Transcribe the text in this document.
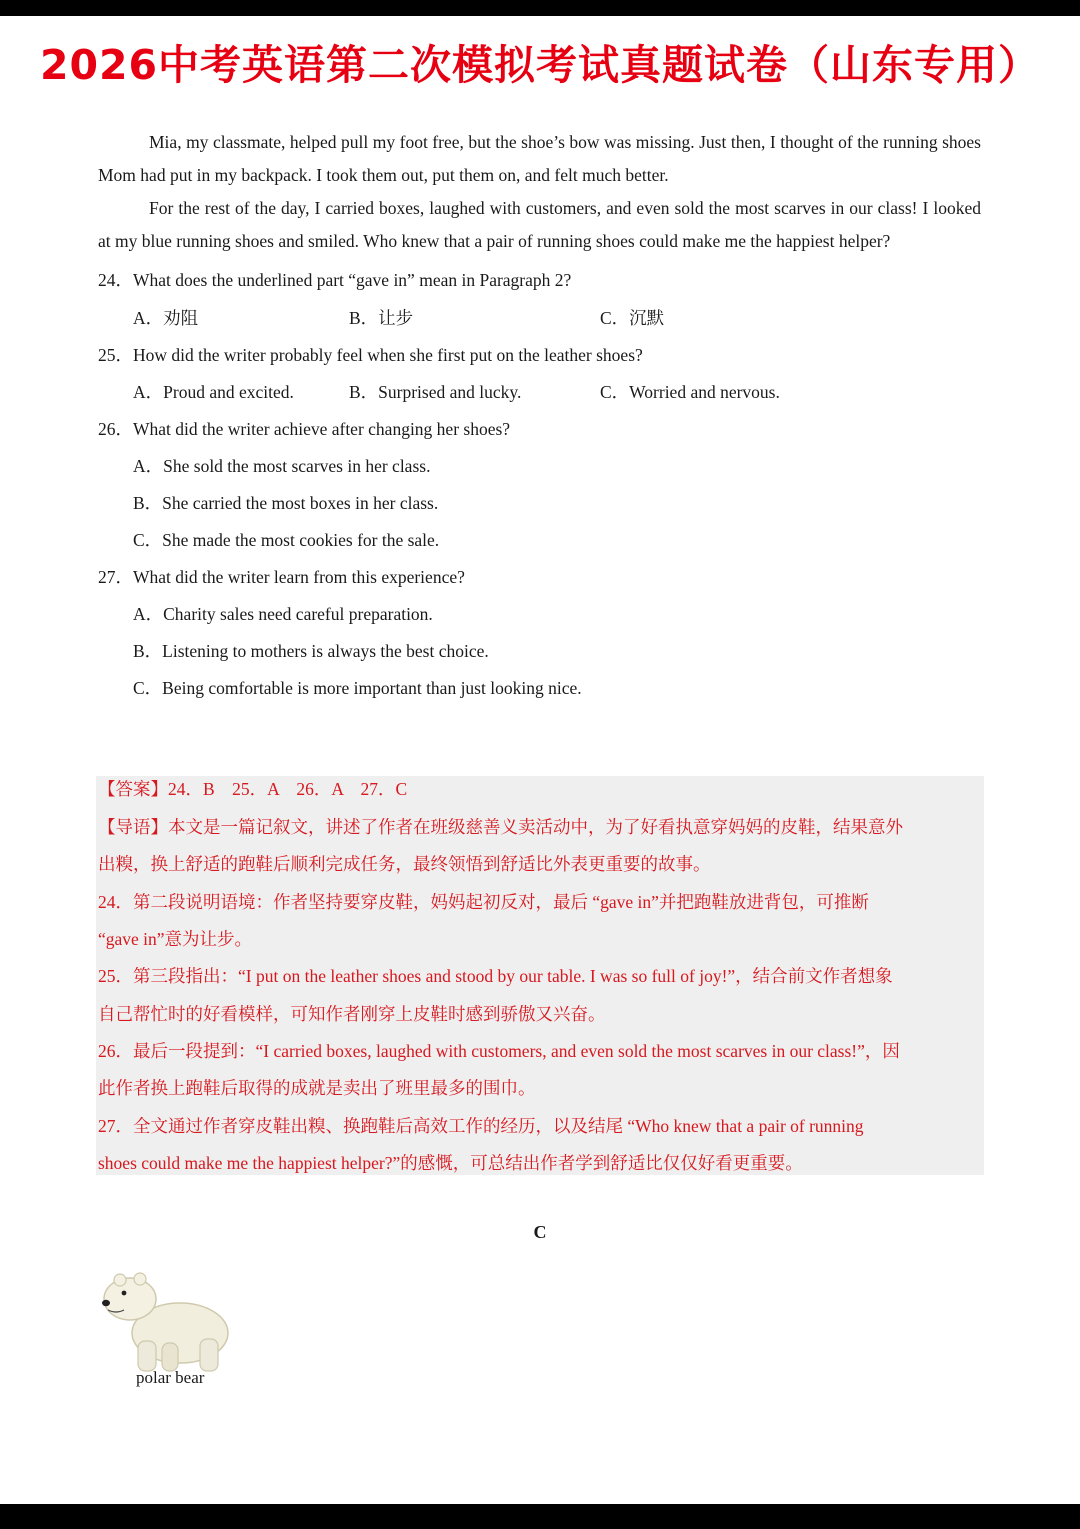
2026中考英语第二次模拟考试真题试卷（山东专用）

Mia, my classmate, helped pull my foot free, but the shoe’s bow was missing. Just then, I thought of the running shoes Mom had put in my backpack. I took them out, put them on, and felt much better.

For the rest of the day, I carried boxes, laughed with customers, and even sold the most scarves in our class! I looked at my blue running shoes and smiled. Who knew that a pair of running shoes could make me the happiest helper?

24．What does the underlined part “gave in” mean in Paragraph 2?

A．劝阻	B．让步	C．沉默

25．How did the writer probably feel when she first put on the leather shoes?

A．Proud and excited.	B．Surprised and lucky.	C．Worried and nervous.

26．What did the writer achieve after changing her shoes?

A．She sold the most scarves in her class.

B．She carried the most boxes in her class.

C．She made the most cookies for the sale.

27．What did the writer learn from this experience?

A．Charity sales need careful preparation.

B．Listening to mothers is always the best choice.

C．Being comfortable is more important than just looking nice.

【答案】24．B　25．A　26．A　27．C
【导语】本文是一篇记叙文，讲述了作者在班级慈善义卖活动中，为了好看执意穿妈妈的皮鞋，结果意外
出糗，换上舒适的跑鞋后顺利完成任务，最终领悟到舒适比外表更重要的故事。
24．第二段说明语境：作者坚持要穿皮鞋，妈妈起初反对，最后 “gave in”并把跑鞋放进背包，可推断
“gave in”意为让步。
25．第三段指出：“I put on the leather shoes and stood by our table. I was so full of joy!”，结合前文作者想象
自己帮忙时的好看模样，可知作者刚穿上皮鞋时感到骄傲又兴奋。
26．最后一段提到：“I carried boxes, laughed with customers, and even sold the most scarves in our class!”，因
此作者换上跑鞋后取得的成就是卖出了班里最多的围巾。
27．全文通过作者穿皮鞋出糗、换跑鞋后高效工作的经历，以及结尾 “Who knew that a pair of running
shoes could make me the happiest helper?”的感慨，可总结出作者学到舒适比仅仅好看更重要。
C
polar bear
